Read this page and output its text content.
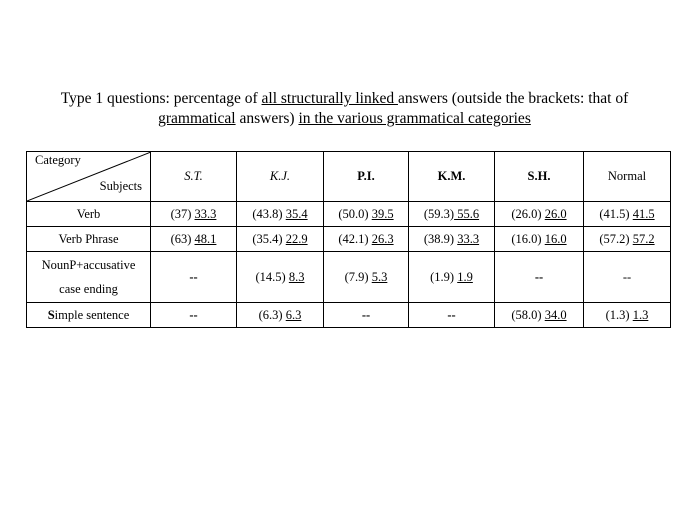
Type 1 questions: percentage of all structurally linked answers (outside the brackets: that of
grammatical answers) in the various grammatical categories
Category
Subjects	S.T.	K.J.	P.I.	K.M.	S.H.	Normal
Verb	(37) 33.3	(43.8) 35.4	(50.0) 39.5	(59.3) 55.6	(26.0) 26.0	(41.5) 41.5
Verb Phrase	(63) 48.1	(35.4) 22.9	(42.1) 26.3	(38.9) 33.3	(16.0) 16.0	(57.2) 57.2

NounP+accusative
case ending	--	(14.5) 8.3	(7.9) 5.3	(1.9) 1.9	--	--
Simple sentence	--	(6.3) 6.3	--	--	(58.0) 34.0	(1.3) 1.3
